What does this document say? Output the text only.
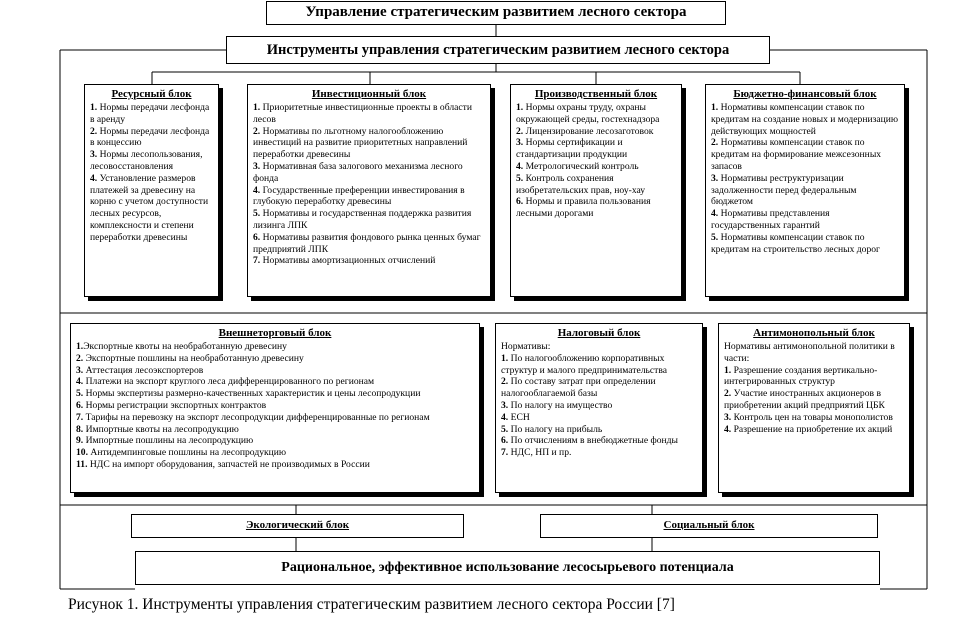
Управление стратегическим развитием лесного сектора
Инструменты управления стратегическим развитием лесного сектора
Ресурсный блок

1. Нормы передачи лесфонда в аренду

2. Нормы передачи лесфонда в концессию

3. Нормы лесопользования, лесовосстановления

4. Установление размеров платежей за древесину на корню с учетом доступности лесных ресурсов, комплексности и степени переработки древесины

Инвестиционный блок

1. Приоритетные инвестиционные проекты в области лесов

2. Нормативы по льготному налогообложению инвестиций на развитие приоритетных направлений переработки древесины

3. Нормативная база залогового механизма лесного фонда

4. Государственные преференции инвестирования в глубокую переработку древесины

5. Нормативы и государственная поддержка развития лизинга ЛПК

6. Нормативы развития фондового рынка ценных бумаг предприятий ЛПК

7. Нормативы амортизационных отчислений

Производственный блок

1. Нормы охраны труду, охраны окружающей среды, гостехнадзора

2. Лицензирование лесозаготовок

3. Нормы сертификации и стандартизации продукции

4. Метрологический контроль

5. Контроль сохранения изобретательских прав, ноу-хау

6. Нормы и правила пользования лесными дорогами

Бюджетно-финансовый блок

1. Нормативы компенсации ставок по кредитам на создание новых и модернизацию действующих мощностей

2. Нормативы компенсации ставок по кредитам на формирование межсезонных запасов

3. Нормативы реструктуризации задолженности перед федеральным бюджетом

4. Нормативы представления государственных гарантий

5. Нормативы компенсации ставок по кредитам на строительство лесных дорог

Внешнеторговый блок

1.Экспортные квоты на необработанную древесину

2. Экспортные пошлины на необработанную древесину

3. Аттестация лесоэкспортеров

4. Платежи на экспорт круглого леса дифференцированного по регионам

5. Нормы экспертизы размерно-качественных характеристик и цены лесопродукции

6. Нормы регистрации экспортных контрактов

7. Тарифы на перевозку на экспорт лесопродукции дифференцированные по регионам

8. Импортные квоты на лесопродукцию

9. Импортные пошлины на лесопродукцию

10. Антидемпинговые пошлины на лесопродукцию

11. НДС на импорт оборудования, запчастей не производимых в России

Налоговый блок

Нормативы:

1. По налогообложению корпоративных структур и малого предпринимательства

2. По составу затрат при определении налогооблагаемой базы

3. По налогу на имущество

4. ЕСН

5. По налогу на прибыль

6. По отчислениям в внебюджетные фонды

7. НДС, НП и пр.

Антимонопольный блок

Нормативы антимонопольной политики в части:

1. Разрешение создания вертикально-интегрированных структур

2. Участие иностранных акционеров в приобретении акций предприятий ЦБК

3. Контроль цен на товары монополистов

4. Разрешение на приобретение их акций

Экологический блок	Социальный блок
Рациональное, эффективное использование лесосырьевого потенциала
Рисунок 1. Инструменты управления стратегическим развитием лесного сектора России [7]
